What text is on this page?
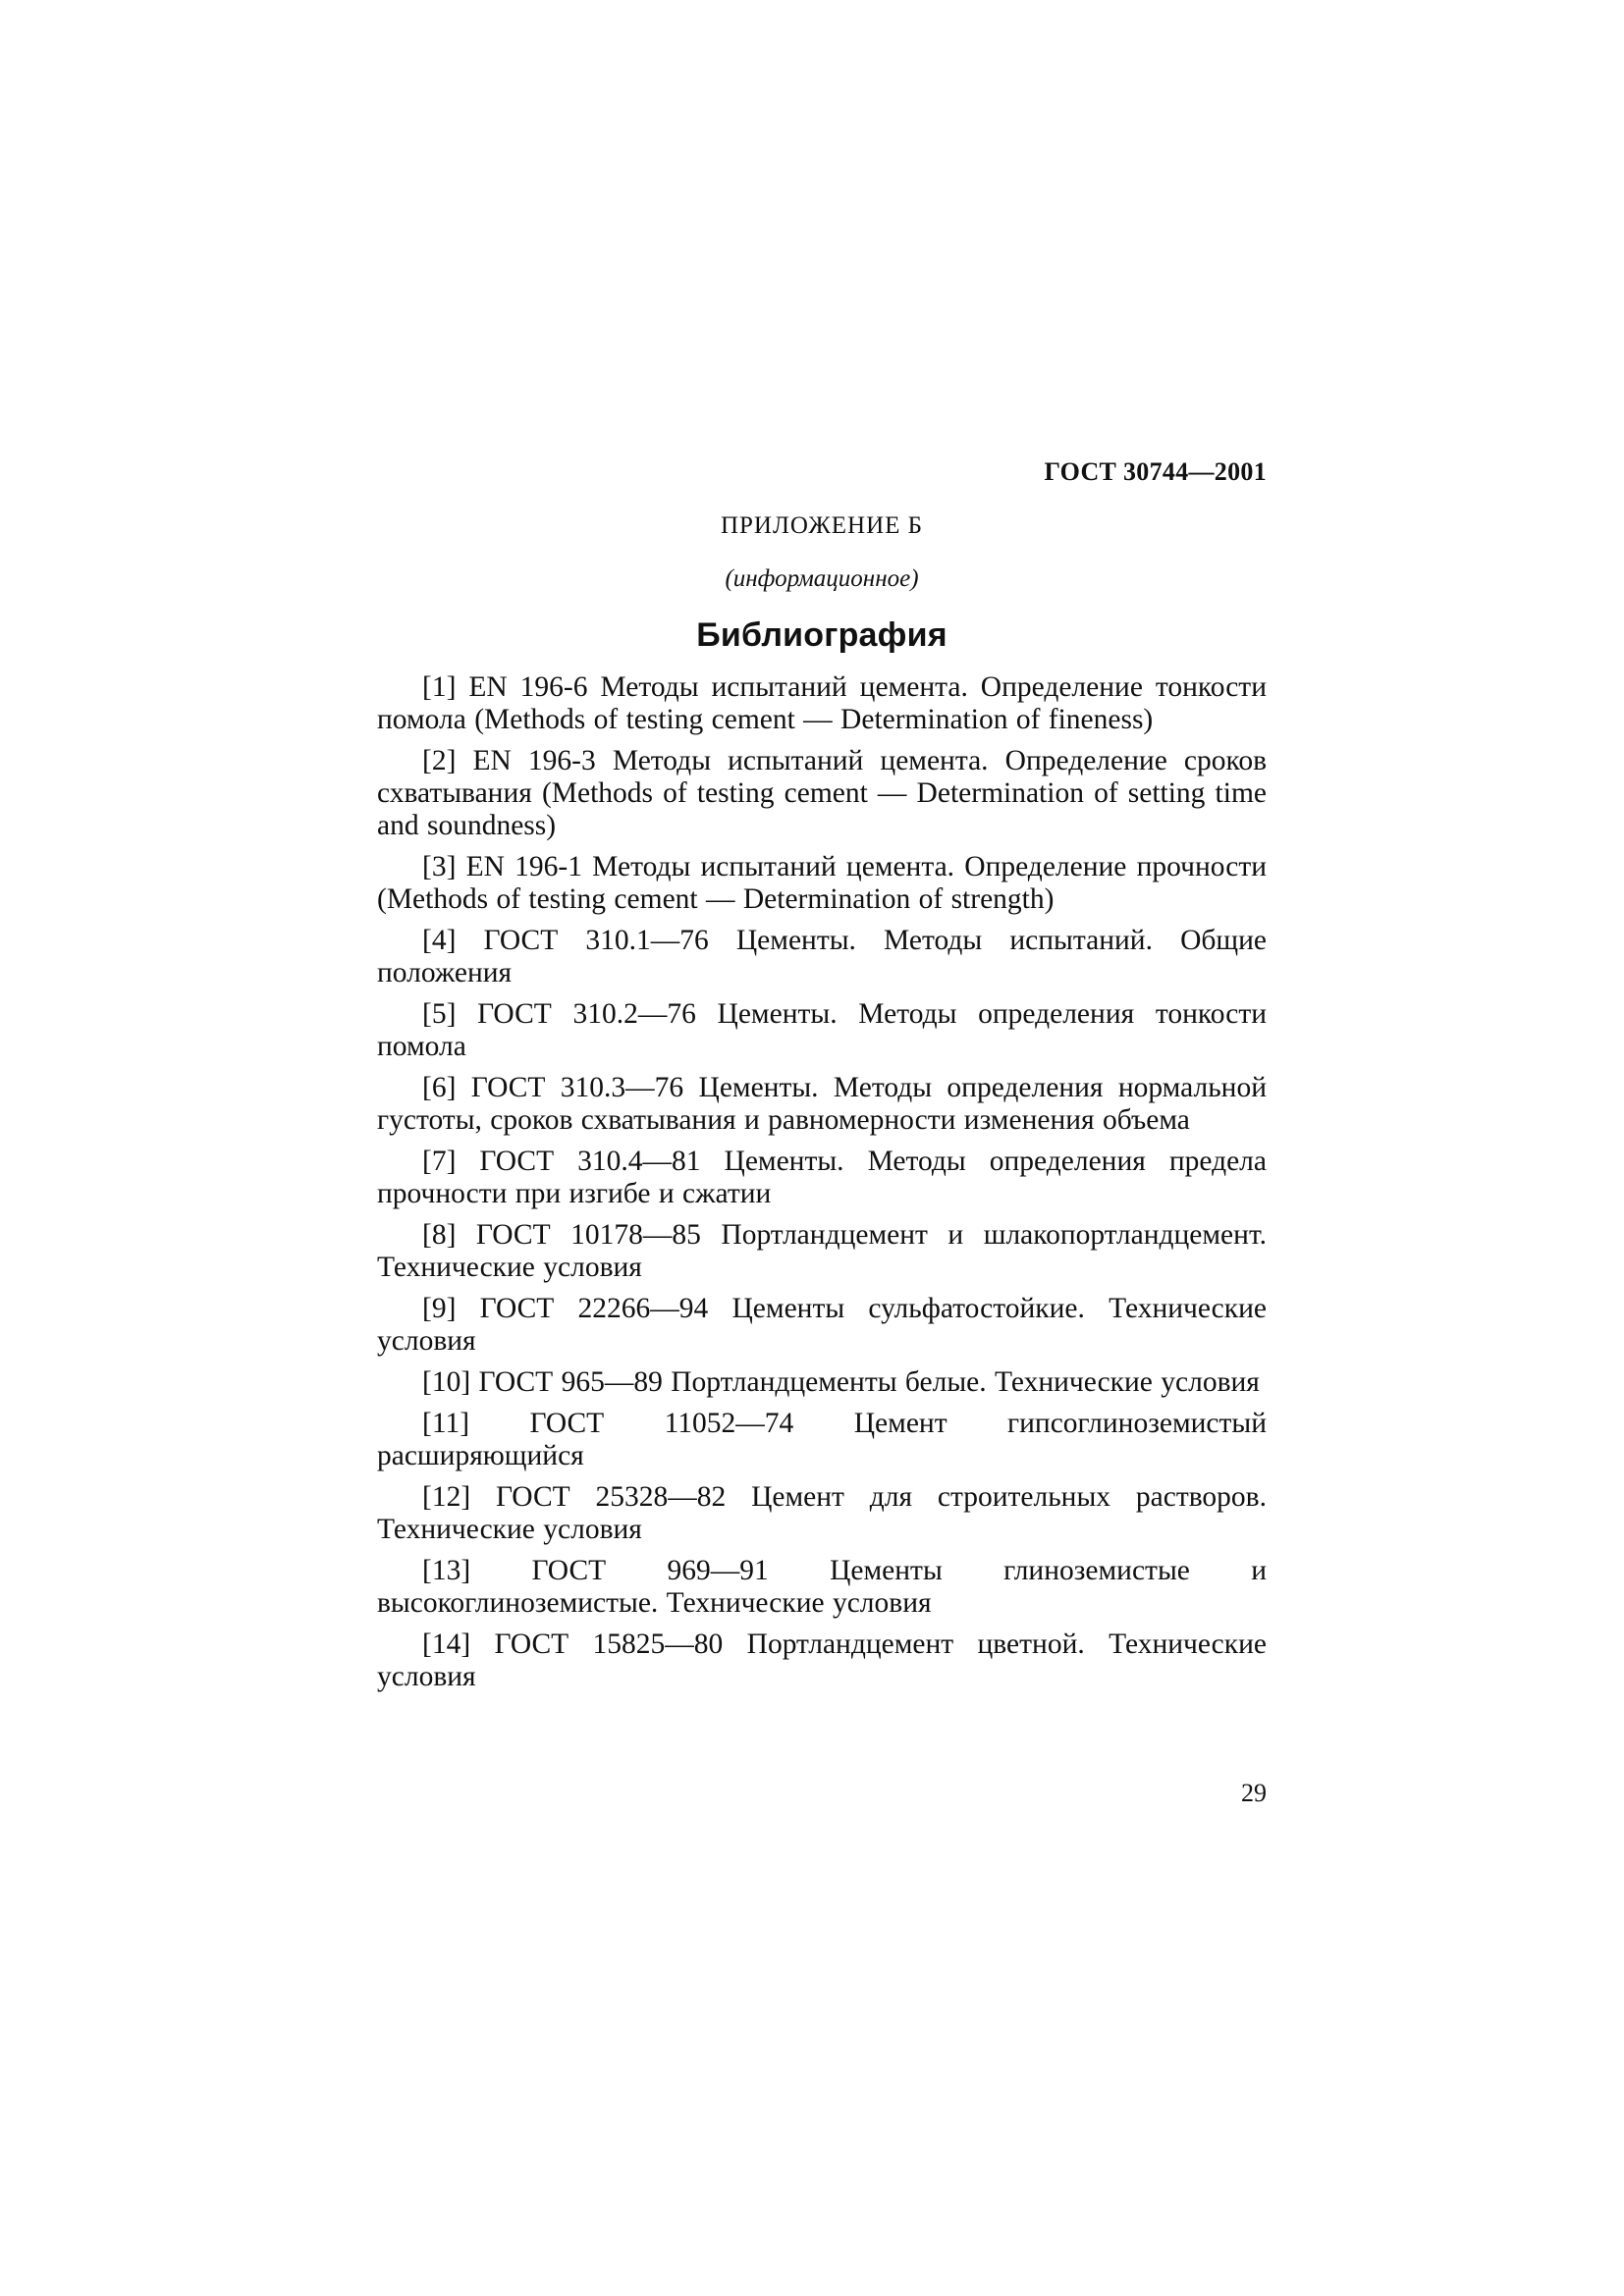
ГОСТ 30744—2001
ПРИЛОЖЕНИЕ Б
(информационное)
Библиография
[1] EN 196-6 Методы испытаний цемента. Определение тонкости помола (Methods of testing cement — Determination of fineness)
[2] EN 196-3 Методы испытаний цемента. Определение сроков схватывания (Methods of testing cement — Determination of setting time and soundness)
[3] EN 196-1 Методы испытаний цемента. Определение прочности (Methods of testing cement — Determination of strength)
[4] ГОСТ 310.1—76 Цементы. Методы испытаний. Общие положения
[5] ГОСТ 310.2—76 Цементы. Методы определения тонкости помола
[6] ГОСТ 310.3—76 Цементы. Методы определения нормальной густоты, сроков схватывания и равномерности изменения объема
[7] ГОСТ 310.4—81 Цементы. Методы определения предела прочности при изгибе и сжатии
[8] ГОСТ 10178—85 Портландцемент и шлакопортландцемент. Технические условия
[9] ГОСТ 22266—94 Цементы сульфатостойкие. Технические условия
[10] ГОСТ 965—89 Портландцементы белые. Технические условия
[11] ГОСТ 11052—74 Цемент гипсоглиноземистый расширяющийся
[12] ГОСТ 25328—82 Цемент для строительных растворов. Технические условия
[13] ГОСТ 969—91 Цементы глиноземистые и высокоглиноземистые. Технические условия
[14] ГОСТ 15825—80 Портландцемент цветной. Технические условия
29
